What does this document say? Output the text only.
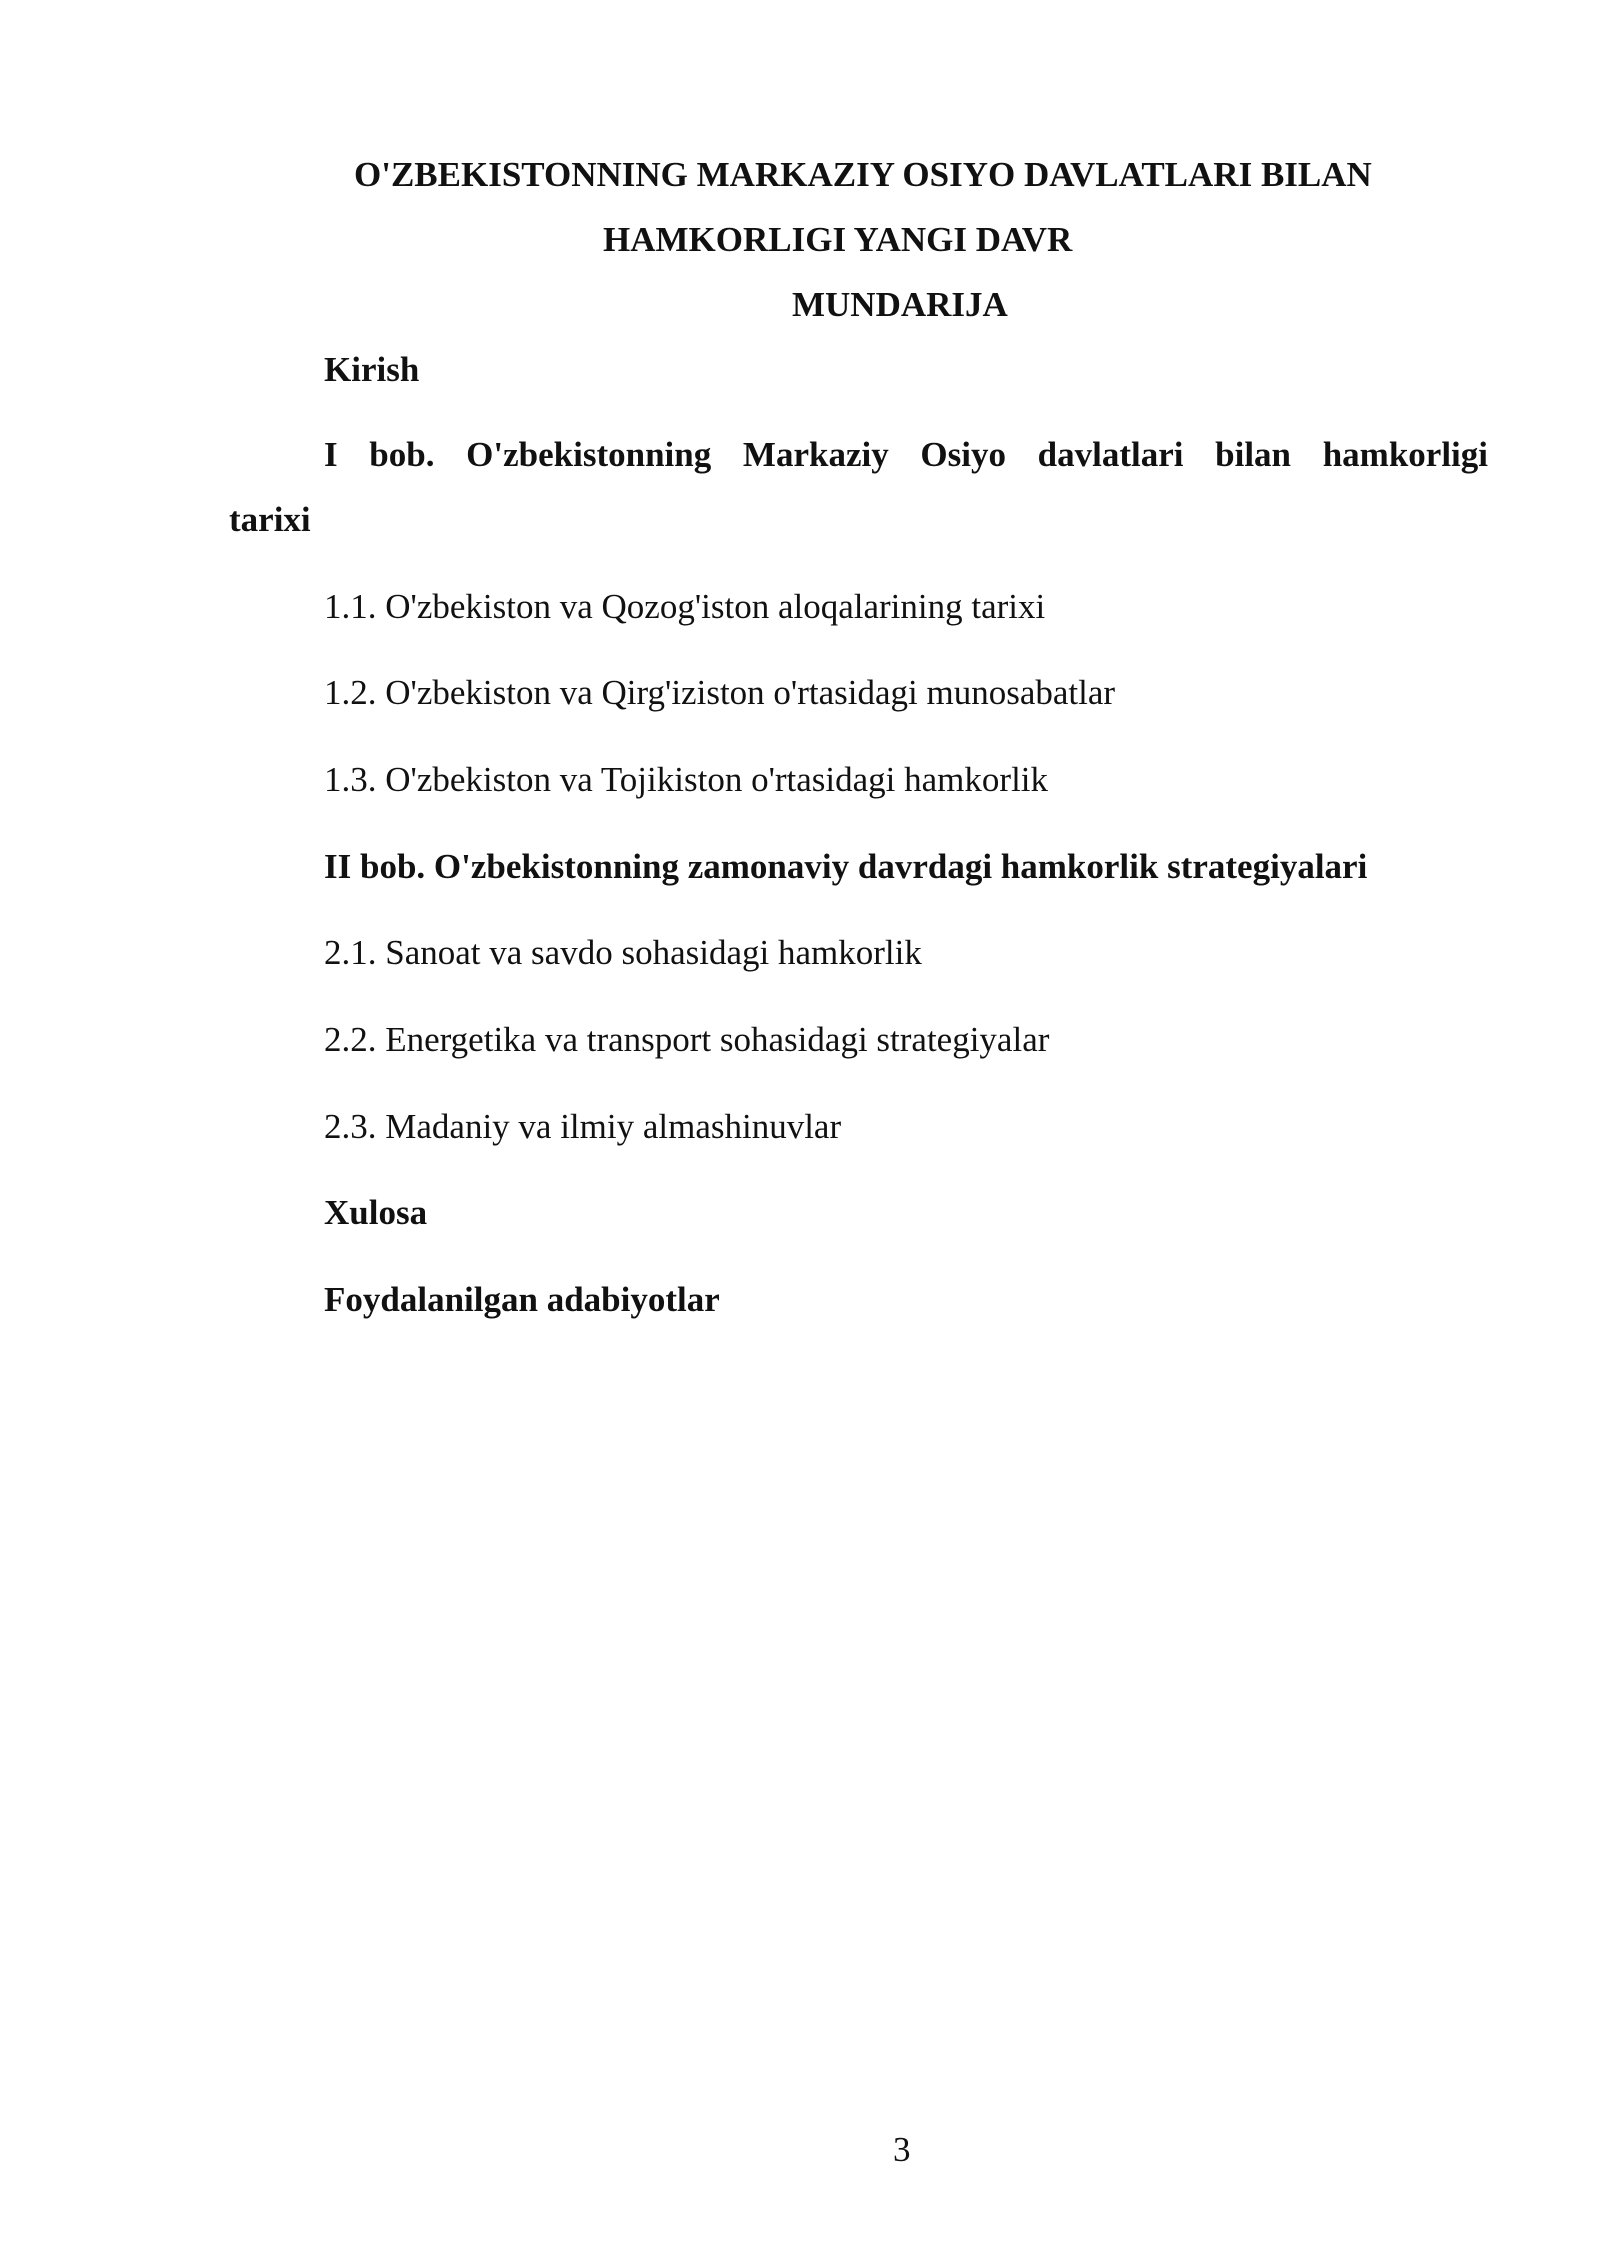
O'ZBEKISTONNING MARKAZIY OSIYO DAVLATLARI BILAN
HAMKORLIGI YANGI DAVR
MUNDARIJA
Kirish
I bob. O'zbekistonning Markaziy Osiyo davlatlari bilan hamkorligi
tarixi
1.1. O'zbekiston va Qozog'iston aloqalarining tarixi
1.2. O'zbekiston va Qirg'iziston o'rtasidagi munosabatlar
1.3. O'zbekiston va Tojikiston o'rtasidagi hamkorlik
II bob. O'zbekistonning zamonaviy davrdagi hamkorlik strategiyalari
2.1. Sanoat va savdo sohasidagi hamkorlik
2.2. Energetika va transport sohasidagi strategiyalar
2.3. Madaniy va ilmiy almashinuvlar
Xulosa
Foydalanilgan adabiyotlar
3
